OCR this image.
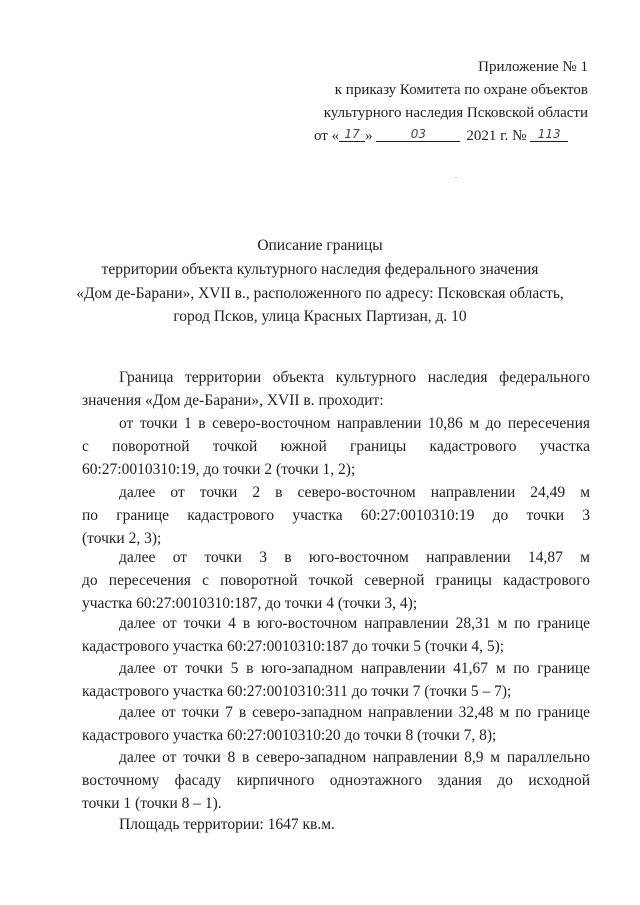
Приложение № 1
к приказу Комитета по охране объектов
культурного наследия Псковской области
от « 17 »	03	2021 г. № 113
Описание границы
территории объекта культурного наследия федерального значения
«Дом де-Барани», XVII в., расположенного по адресу: Псковская область,
город Псков, улица Красных Партизан, д. 10
Граница территории объекта культурного наследия федерального
значения «Дом де-Барани», XVII в. проходит:
от точки 1 в северо-восточном направлении 10,86 м до пересечения
с поворотной точкой южной границы кадастрового участка
60:27:0010310:19, до точки 2 (точки 1, 2);
далее от точки 2 в северо-восточном направлении 24,49 м
по границе кадастрового участка 60:27:0010310:19 до точки 3
(точки 2, 3);
далее от точки 3 в юго-восточном направлении 14,87 м
до пересечения с поворотной точкой северной границы кадастрового
участка 60:27:0010310:187, до точки 4 (точки 3, 4);
далее от точки 4 в юго-восточном направлении 28,31 м по границе
кадастрового участка 60:27:0010310:187 до точки 5 (точки 4, 5);
далее от точки 5 в юго-западном направлении 41,67 м по границе
кадастрового участка 60:27:0010310:311 до точки 7 (точки 5 – 7);
далее от точки 7 в северо-западном направлении 32,48 м по границе
кадастрового участка 60:27:0010310:20 до точки 8 (точки 7, 8);
далее от точки 8 в северо-западном направлении 8,9 м параллельно
восточному фасаду кирпичного одноэтажного здания до исходной
точки 1 (точки 8 – 1).
Площадь территории: 1647 кв.м.
